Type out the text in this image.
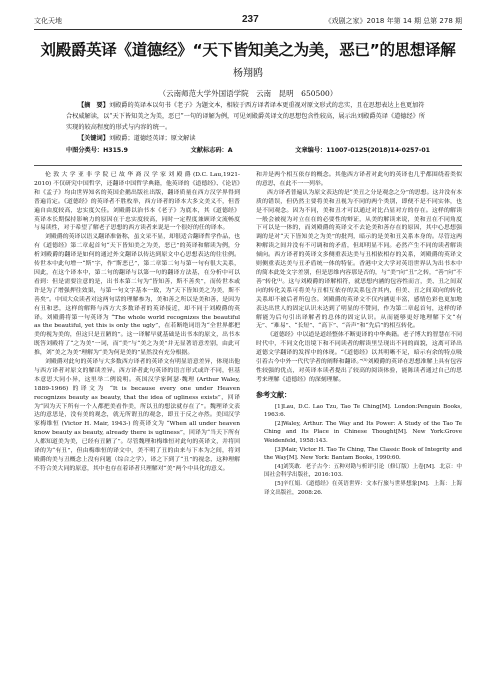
文化天地	237	《戏剧之家》2018 年第 14 期 总第 278 期
刘殿爵英译《道德经》“天下皆知美之为美，恶已”的思想译解
杨翔鸥
（云南师范大学外国语学院　云南　昆明　650500）

【摘　要】刘殿爵的英译本以句书《老子》为题文本，相较于西方译者译本更重视对原文形式的忠实，且在思想表达上也更加符合权威解读，以“天下皆知美之为美，恶已”一句的译解为例，可见刘殿爵英译文的思想包含性较高，展示出刘殿爵英译《道德经》所实现的较高程度的形式与内容的统一。

【关键词】刘殿爵；道德经英译；原文解读

中图分类号：H315.9	文献标志码：A	文章编号：11007-0125(2018)14-0257-01

伦 敦 大 学 亚 非 学 院 已 故 华 裔 汉 学 家 刘 殿 爵 (D.C. Lau,1921-2010) 不仅研究中国哲学，还翻译中国哲学典籍，他英译的《道德经》、《论语》和《孟子》均由世界知名的英国企鹅出版社出版，翻译质量在西方汉学界得到普遍肯定。《道德经》的英译者不胜枚举，西方译者的译本大多文美义不，但普遍自由度较高，忠实度欠佳。刘殿爵以治书本《老子》为底本，其《道德经》英译本长期保持影响力的原因在于忠实度较高，同时一定程度兼顾译文流畅度与易读性，对于希望了解老子思想的西方读者来说是一个很好的任的译本。

刘殿爵的英译以语义翻译准备称，虽文采不显，却很适合翻译哲学作品，也有《道德经》第二章起首句“天下皆知美之为美，恶已”的英译和解读为例，分析刘殿爵的翻译是如何的通过外文翻译以传达到原文中心思想表达的往往例。传世本中此句增一“斯”字，作“斯恶已”，第二章第二句与第一句有很大关系，因此，在这个译本中，第二句的翻译与以第一句的翻译方法基，在分析中可以看到：但是需要注意的是，出书本第二句为“皆知善，斯不善矣”，而传世本或许是为了增强押往效果，与第一句文字基本一致，为“天下皆知美之为美，斯不善矣”。中国大众读者对这两句话的理解参为，美和善之所以是美和善，是因为有丑和恶，这样的解释与西方大多数译者的英译接近，却不同于刘殿爵的英译。刘殿爵将第一句英译为 “The whole world recognizes the beautiful as the beautiful, yet this is only the ugly”，在若断绝词语为“全世界都把美的视为美的，但这只是丑陋的”。这一译解早就基础是出书本的原文，出书本既答刘殿将了“之为美”一词，而“美”与“美之为美”并无显著语意差别，由此可推，刘“美之为美”理解为“美为何是美的”显然没有充分根据。

刘殿爵对此句的英译与大多数西方译者的英译文有明显语意差异，体现出他与西方译者对原文的解读差异。西方译者此句英译的语言形式或许不同，但基本意思大同小异，这里举二例说明。英国汉学家阿瑟·魏理 (Arthur Waley, 1889-1966) 的译文为 “It is because every one under Heaven recognizes beauty as beauty, that the idea of ugliness exists”，回译为“因为天下所有一个人都把美看作美，所以丑的想法就存在了”。魏理译文表达的意思是，没有美的观念，就无所谓丑的观念，即丑于反之亦然。美国汉学家梅维恒 (Victor H. Mair, 1943-) 的英译文为 “When all under heaven know beauty as beauty, already there is ugliness”，回译为“当天下所有人都知道美为美，已经有丑陋了”。尽管魏理和梅维恒对此句的英译文，并将回译的为“有丑”，但由梅维恒的译文中，美不明了丑的由来与下本为之间，将刘殿爵的美与丑概念上没有问题（综合之学），译之下到了“丑”的视念，这种理解不符合美大同的原意，其中也存在着译者只理解对“美”两个中具化的意义。

和并是两个相互依存的概念。其他西方译者对此句的英译也几乎都围绕着类似的意思，在此不一一列举。

西方译者普遍认为原文表达的是“美丑之分是观念之分”的思想。这并没有本质的错误，但仍然主要将美和丑视为不同的两个类别，即便不是不同实体，也是不同观念。因为不同，美和丑才可以通过对比凸显对方的存在。这样的解读一般会被视为对立在在的必要性的辩证，从美的解读来说，美和丑在不同角度下可以是一体的，而刘殿爵的英译文不去论美和善存在的原因，其中心思想强调的是对“天下皆知美之为美”的批判，暗示的是美和丑关系本身的。尽管这两种解读之间并没有不可调和的矛盾，但却明显不同。必然产生不同的读者解读倾向。西方译者的英译文多侧重表达美与丑相依相存的关系，刘殿爵的英译文则侧重表达美与丑矛盾统一体的特征。香港中文大学对英语世界认为出书本中的简本此处文字差别，但是思维内容那是否的，与“美”向“丑”之转，“善”向“不善”转化⁽¹⁾。这与刘殿爵的译解相符，就思想内涵的包容性而言，美、丑之间双向的转化关系可将美与丑相互依存的关系包含其内，但美、丑之间双向的转化关系却不被后者所包含。刘殿爵的英译文不仅内涵更丰富，感情色彩也更加地表达出世人的固定认识未达到了明显的不赞同，作为第二章起首句，这样的译解能为后句引出译解者的总体的固定认识。从而能够更好地理解下文“有无”、“难易”、“长短”、“高下”、“音声”和“先后”的相互转化。

《道德经》中以道是道经整体不断更译的中华典籍。老子博大的智慧在不同时代中，不同文化语境下和不同读者的解读里呈现出不同的面貌，这离可译出道德文学翻译的发挥中的体现。“《道德经》以其明晰不足，暗示有余的特点吸引着古今中外一代代学者的阐释和翻译。”⁽⁵⁾刘殿爵的英译在思想准解上具有包容性较强的优点，对英译本读者提出了较高的阅读体验，能陈读者通过自己的思考来理解《道德经》的深刻理解。

参考文献：

[1]Lau, D.C. Lao Tzu, Tao Te Ching[M]. London:Penguin Books, 1963:6.

[2]Waley, Arthur. The Way and Its Power: A Study of the Tao Te Ching and Its Place in Chinese Thought[M]. New York:Grove Weidenfeld, 1958:143.

[3]Mair, Victor H. Tao Te Ching, The Classic Book of Integrity and the Way[M]. New York: Bantam Books, 1990:60.

[4]刘笑敢．老子古今：五种对勘与析评引论（修订版）上卷[M]．北京：中国社会科学出版社，2016:103.

[5]辛红娟．《道德经》在英语世界：文本行旅与世界想象[M]．上海：上海译文出版社，2008:26.
